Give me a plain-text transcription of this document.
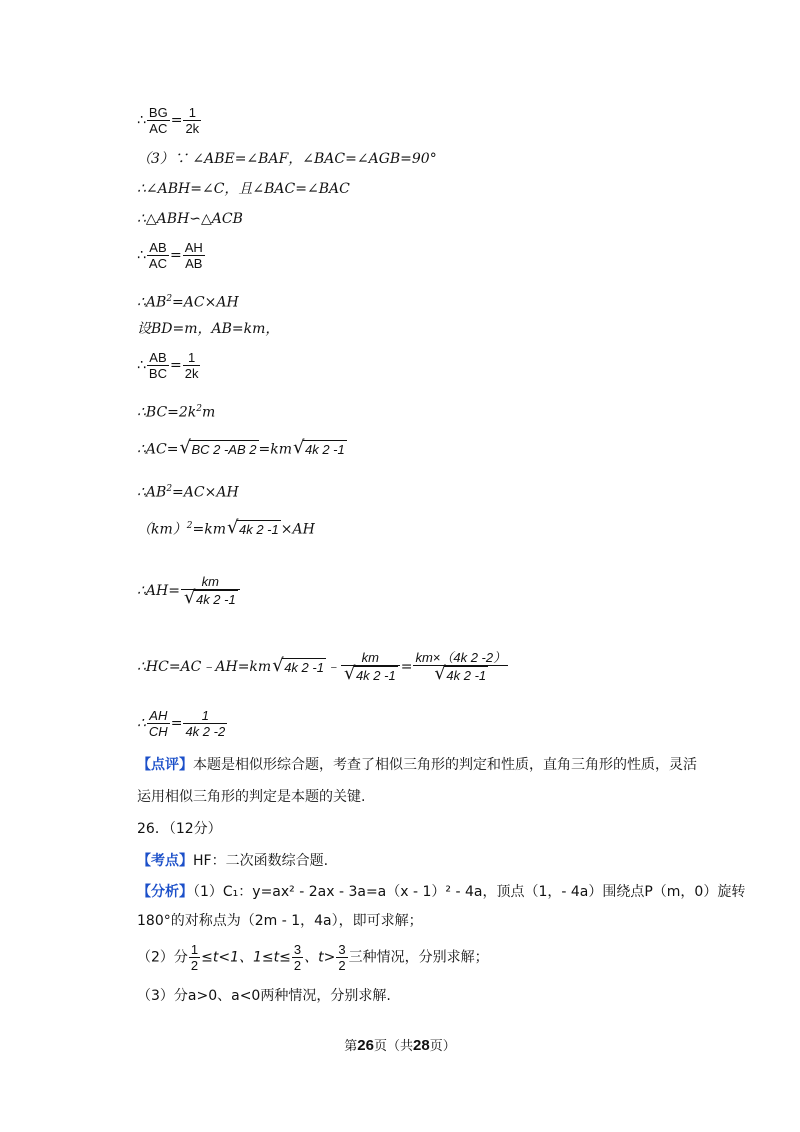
∴ $\frac{BG}{AC} = \frac{1}{2k}$
（3）∵ ∠ABE=∠BAF，∠BAC=∠AGB=90°
∴∠ABH=∠C，且∠BAC=∠BAC
∴△ABH∽△ACB
∴ $\frac{AB}{AC} = \frac{AH}{AB}$
$\therefore AB^2=AC\times AH$
设BD=m，AB=km，
∴ $\frac{AB}{BC} = \frac{1}{2k}$
$\therefore BC=2k^2m$
∴AC= √ BC 2 -AB 2 =km √ 4k 2 -1
$\therefore AB^2=AC\times AH$
（km）$^2$=km √ 4k 2 -1 ×AH
∴AH= $\frac{km}{√ 4k 2 -1}$
∴HC=AC﹣AH=km √ 4k 2 -1 ﹣ $\frac{km}{√ 4k 2 -1} = \frac{km\times(4k 2 -2)}{√ 4k 2 -1}$
∴ $\frac{AH}{CH} = \frac{1}{4k 2 -2}$
【点评】本题是相似形综合题，考查了相似三角形的判定和性质，直角三角形的性质，灵活
运用相似三角形的判定是本题的关键.
26．（12分）
【考点】HF：二次函数综合题.
【分析】（1）C₁：y=ax² - 2ax - 3a=a（x - 1）² - 4a，顶点（1，- 4a）围绕点P（m，0）旋转
180°的对称点为（2m - 1，4a），即可求解；
（2）分 $\frac{1}{2} \le t<1$、$1\le t\le \frac{3}{2}$ 、$t> \frac{3}{2}$ 三种情况，分别求解；
（3）分a>0、a<0两种情况，分别求解.
第26页（共28页）
